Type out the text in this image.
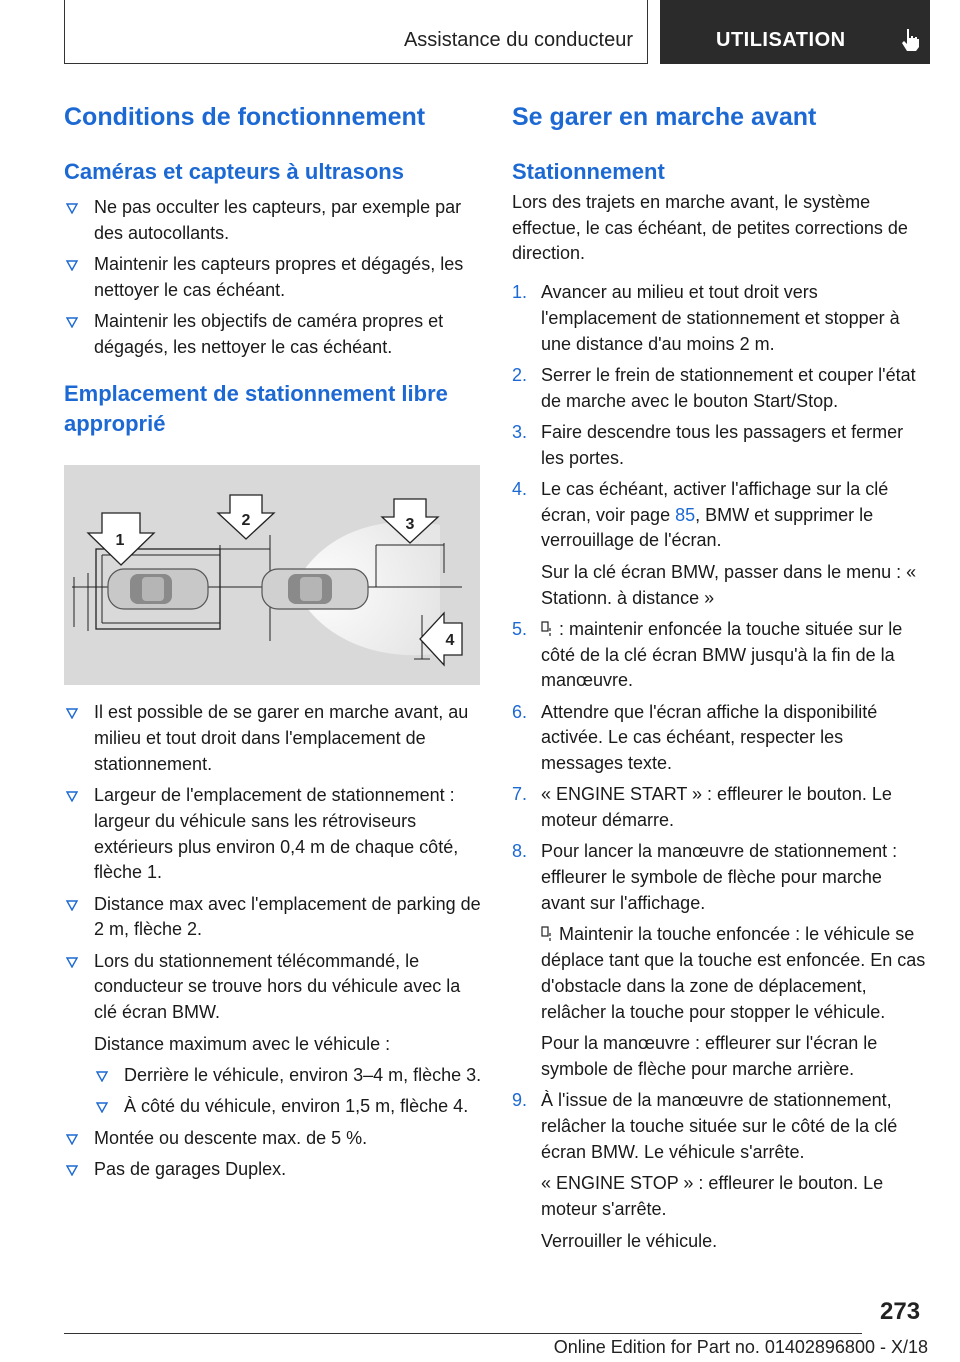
Assistance du conducteur	UTILISATION
Conditions de fonctionnement
Caméras et capteurs à ultrasons
Ne pas occulter les capteurs, par exemple par des autocollants.
Maintenir les capteurs propres et dégagés, les nettoyer le cas échéant.
Maintenir les objectifs de caméra propres et dégagés, les nettoyer le cas échéant.
Emplacement de stationnement libre approprié
1
2	3
4
Il est possible de se garer en marche avant, au milieu et tout droit dans l'emplacement de stationnement.
Largeur de l'emplacement de stationnement : largeur du véhicule sans les rétroviseurs extérieurs plus environ 0,4 m de chaque côté, flèche 1.
Distance max avec l'emplacement de parking de 2 m, flèche 2.
Lors du stationnement télécommandé, le conducteur se trouve hors du véhicule avec la clé écran BMW.
Distance maximum avec le véhicule :
Derrière le véhicule, environ 3–4 m, flèche 3.
À côté du véhicule, environ 1,5 m, flèche 4.
Montée ou descente max. de 5 %.
Pas de garages Duplex.
Se garer en marche avant
Stationnement
Lors des trajets en marche avant, le système effectue, le cas échéant, de petites corrections de direction.
1. Avancer au milieu et tout droit vers l'emplacement de stationnement et stopper à une distance d'au moins 2 m.
2. Serrer le frein de stationnement et couper l'état de marche avec le bouton Start/Stop.
3. Faire descendre tous les passagers et fermer les portes.
4. Le cas échéant, activer l'affichage sur la clé écran, voir page 85, BMW et supprimer le verrouillage de l'écran.
Sur la clé écran BMW, passer dans le menu : « Stationn. à distance »
5. : maintenir enfoncée la touche située sur le côté de la clé écran BMW jusqu'à la fin de la manœuvre.
6. Attendre que l'écran affiche la disponibilité activée. Le cas échéant, respecter les messages texte.
7. « ENGINE START » : effleurer le bouton. Le moteur démarre.
8. Pour lancer la manœuvre de stationnement : effleurer le symbole de flèche pour marche avant sur l'affichage.
Maintenir la touche enfoncée : le véhicule se déplace tant que la touche est enfoncée. En cas d'obstacle dans la zone de déplacement, relâcher la touche pour stopper le véhicule.
Pour la manœuvre : effleurer sur l'écran le symbole de flèche pour marche arrière.
9. À l'issue de la manœuvre de stationnement, relâcher la touche située sur le côté de la clé écran BMW. Le véhicule s'arrête.
« ENGINE STOP » : effleurer le bouton. Le moteur s'arrête.
Verrouiller le véhicule.
273
Online Edition for Part no. 01402896800 - X/18
